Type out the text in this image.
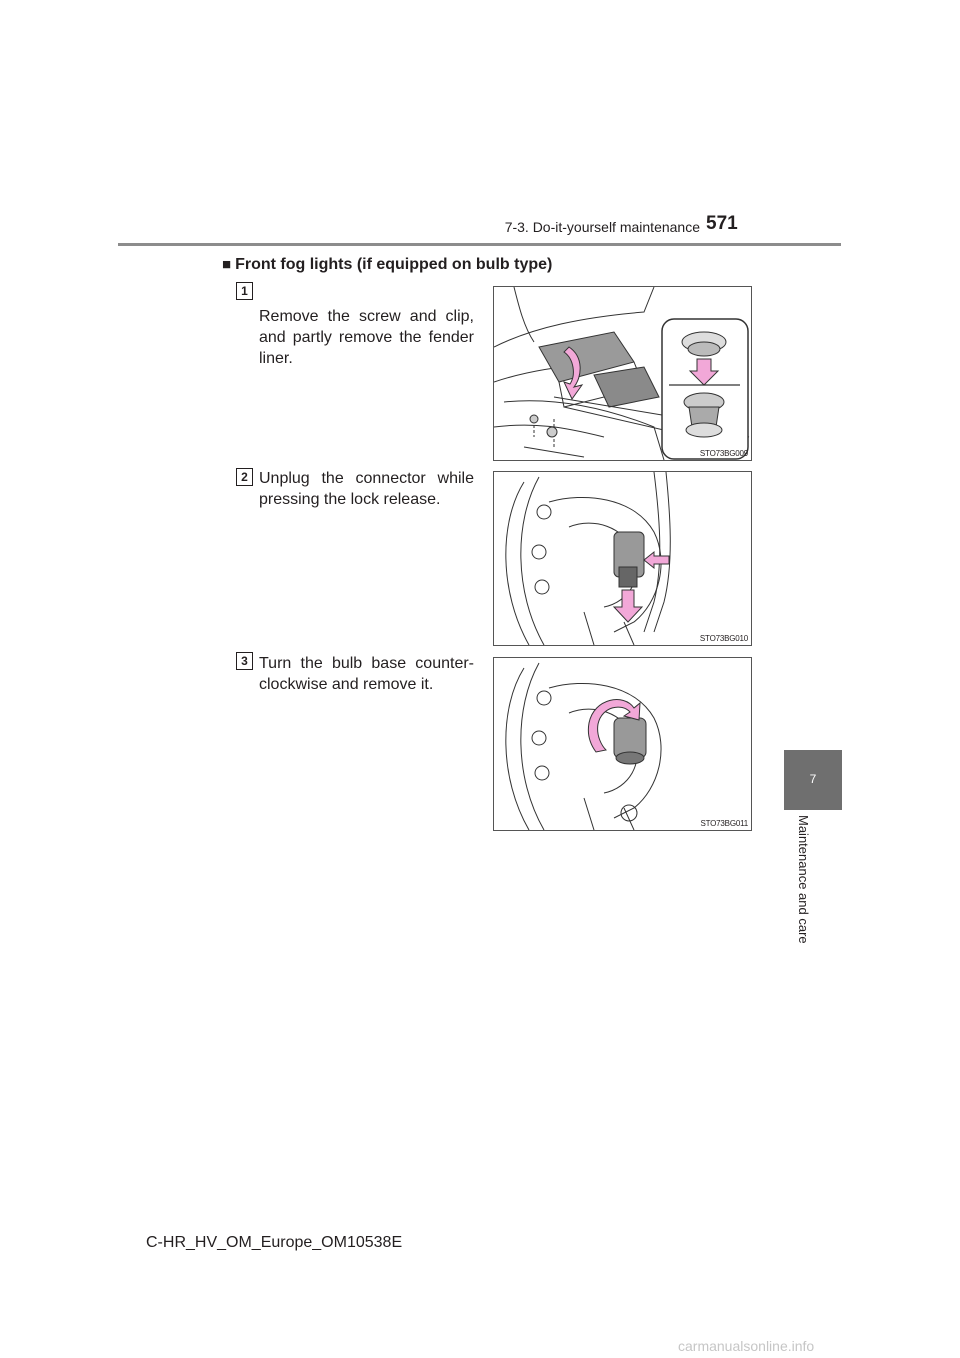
7-3. Do-it-yourself maintenance 571
7
Maintenance and care
■ Front fog lights (if equipped on bulb type)
1
Remove the screw and clip, and partly remove the fender liner.
STO73BG009
2 Unplug the connector while pressing the lock release.
STO73BG010
3 Turn the bulb base counter-clockwise and remove it.
STO73BG011
C-HR_HV_OM_Europe_OM10538E
carmanualsonline.info
